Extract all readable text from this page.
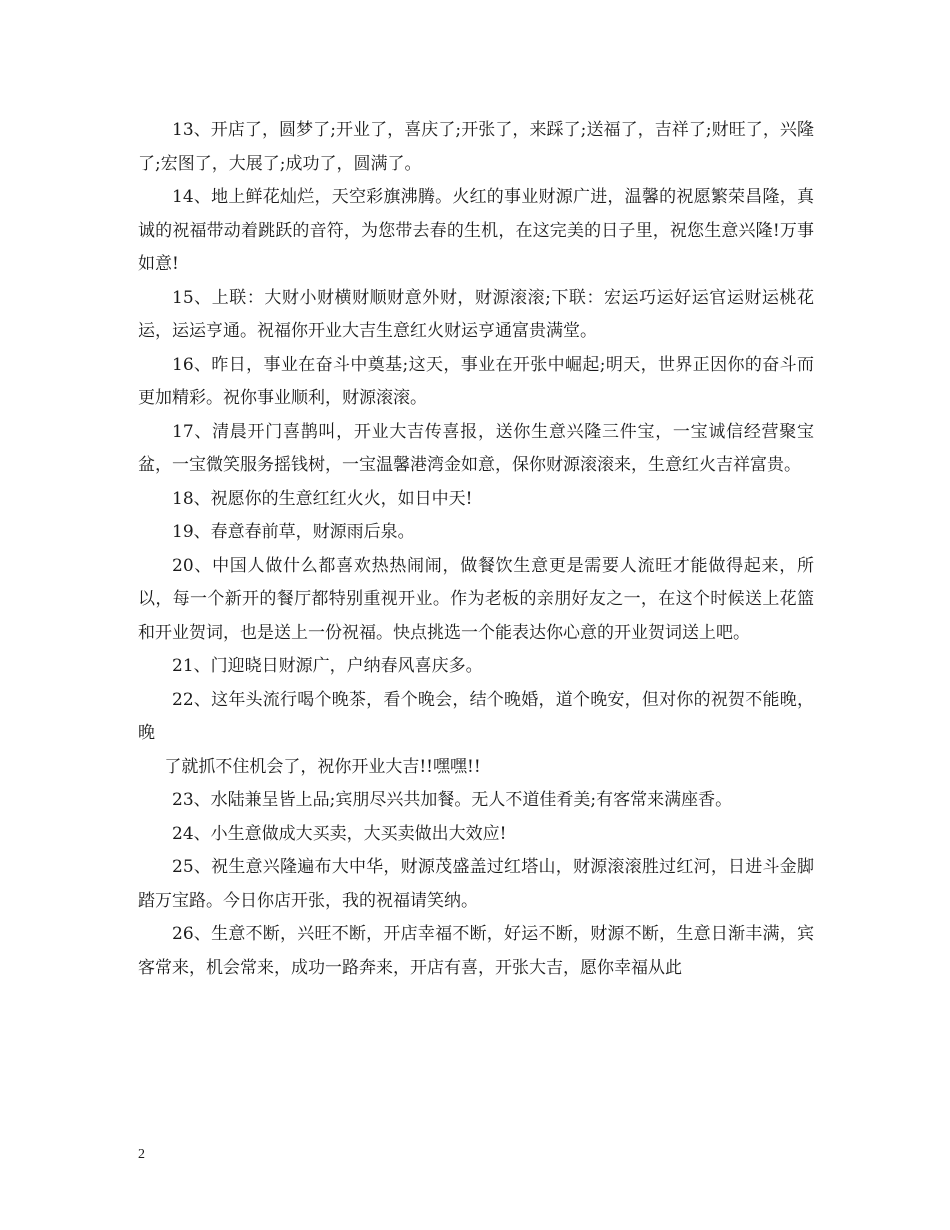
13、开店了，圆梦了;开业了，喜庆了;开张了，来踩了;送福了，吉祥了;财旺了，兴隆了;宏图了，大展了;成功了，圆满了。

14、地上鲜花灿烂，天空彩旗沸腾。火红的事业财源广进，温馨的祝愿繁荣昌隆，真诚的祝福带动着跳跃的音符，为您带去春的生机，在这完美的日子里，祝您生意兴隆!万事如意!

15、上联：大财小财横财顺财意外财，财源滚滚;下联：宏运巧运好运官运财运桃花运，运运亨通。祝福你开业大吉生意红火财运亨通富贵满堂。

16、昨日，事业在奋斗中奠基;这天，事业在开张中崛起;明天，世界正因你的奋斗而更加精彩。祝你事业顺利，财源滚滚。

17、清晨开门喜鹊叫，开业大吉传喜报，送你生意兴隆三件宝，一宝诚信经营聚宝盆，一宝微笑服务摇钱树，一宝温馨港湾金如意，保你财源滚滚来，生意红火吉祥富贵。

18、祝愿你的生意红红火火，如日中天!

19、春意春前草，财源雨后泉。

20、中国人做什么都喜欢热热闹闹，做餐饮生意更是需要人流旺才能做得起来，所以，每一个新开的餐厅都特别重视开业。作为老板的亲朋好友之一，在这个时候送上花篮和开业贺词，也是送上一份祝福。快点挑选一个能表达你心意的开业贺词送上吧。

21、门迎晓日财源广，户纳春风喜庆多。

22、这年头流行喝个晚茶，看个晚会，结个晚婚，道个晚安，但对你的祝贺不能晚，晚

了就抓不住机会了，祝你开业大吉!!嘿嘿!!

23、水陆兼呈皆上品;宾朋尽兴共加餐。无人不道佳肴美;有客常来满座香。

24、小生意做成大买卖，大买卖做出大效应!

25、祝生意兴隆遍布大中华，财源茂盛盖过红塔山，财源滚滚胜过红河，日进斗金脚踏万宝路。今日你店开张，我的祝福请笑纳。

26、生意不断，兴旺不断，开店幸福不断，好运不断，财源不断，生意日渐丰满，宾客常来，机会常来，成功一路奔来，开店有喜，开张大吉，愿你幸福从此

2
